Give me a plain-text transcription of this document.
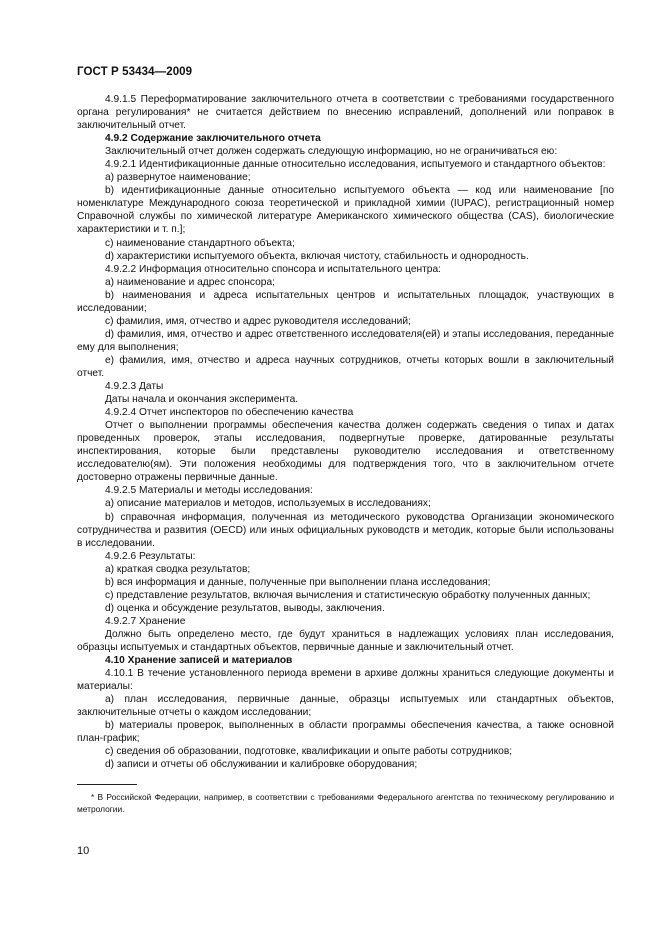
ГОСТ Р 53434—2009

4.9.1.5 Переформатирование заключительного отчета в соответствии с требованиями государственного органа регулирования* не считается действием по внесению исправлений, дополнений или поправок в заключительный отчет.

4.9.2 Содержание заключительного отчета

Заключительный отчет должен содержать следующую информацию, но не ограничиваться ею:

4.9.2.1 Идентификационные данные относительно исследования, испытуемого и стандартного объектов:

а) развернутое наименование;

b) идентификационные данные относительно испытуемого объекта — код или наименование [по номенклатуре Международного союза теоретической и прикладной химии (IUPAC), регистрационный номер Справочной службы по химической литературе Американского химического общества (CAS), биологические характеристики и т. п.];

с) наименование стандартного объекта;

d) характеристики испытуемого объекта, включая чистоту, стабильность и однородность.

4.9.2.2 Информация относительно спонсора и испытательного центра:

а) наименование и адрес спонсора;

b) наименования и адреса испытательных центров и испытательных площадок, участвующих в исследовании;

с) фамилия, имя, отчество и адрес руководителя исследований;

d) фамилия, имя, отчество и адрес ответственного исследователя(ей) и этапы исследования, переданные ему для выполнения;

е) фамилия, имя, отчество и адреса научных сотрудников, отчеты которых вошли в заключительный отчет.

4.9.2.3 Даты

Даты начала и окончания эксперимента.

4.9.2.4 Отчет инспекторов по обеспечению качества

Отчет о выполнении программы обеспечения качества должен содержать сведения о типах и датах проведенных проверок, этапы исследования, подвергнутые проверке, датированные результаты инспектирования, которые были представлены руководителю исследования и ответственному исследователю(ям). Эти положения необходимы для подтверждения того, что в заключительном отчете достоверно отражены первичные данные.

4.9.2.5 Материалы и методы исследования:

а) описание материалов и методов, используемых в исследованиях;

b) справочная информация, полученная из методического руководства Организации экономического сотрудничества и развития (OECD) или иных официальных руководств и методик, которые были использованы в исследовании.

4.9.2.6 Результаты:

а) краткая сводка результатов;

b) вся информация и данные, полученные при выполнении плана исследования;

с) представление результатов, включая вычисления и статистическую обработку полученных данных;

d) оценка и обсуждение результатов, выводы, заключения.

4.9.2.7 Хранение

Должно быть определено место, где будут храниться в надлежащих условиях план исследования, образцы испытуемых и стандартных объектов, первичные данные и заключительный отчет.

4.10 Хранение записей и материалов

4.10.1 В течение установленного периода времени в архиве должны храниться следующие документы и материалы:

а) план исследования, первичные данные, образцы испытуемых или стандартных объектов, заключительные отчеты о каждом исследовании;

b) материалы проверок, выполненных в области программы обеспечения качества, а также основной план-график;

с) сведения об образовании, подготовке, квалификации и опыте работы сотрудников;

d) записи и отчеты об обслуживании и калибровке оборудования;

* В Российской Федерации, например, в соответствии с требованиями Федерального агентства по техническому регулированию и метрологии.
10
